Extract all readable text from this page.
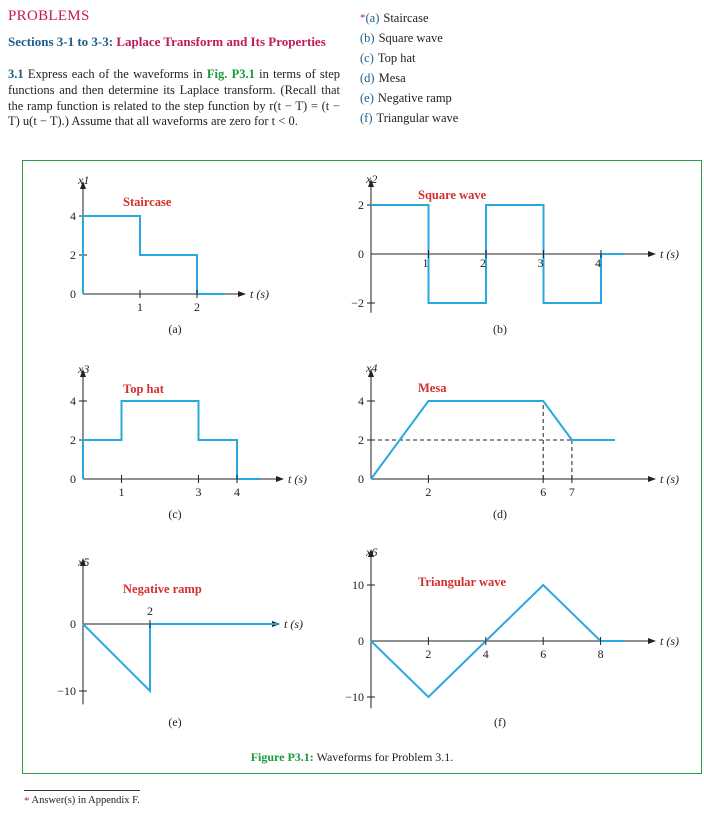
PROBLEMS
Sections 3-1 to 3-3: Laplace Transform and Its Properties
3.1 Express each of the waveforms in Fig. P3.1 in terms of step functions and then determine its Laplace transform. (Recall that the ramp function is related to the step function by r(t − T) = (t − T) u(t − T).) Assume that all waveforms are zero for t < 0.
*(a) Staircase
(b) Square wave
(c) Top hat
(d) Mesa
(e) Negative ramp
(f) Triangular wave
4
2
0
1	2
t (s)
x1
Staircase
(a)
2
0
−2
1	2	3	4
t (s)
x2
Square wave
(b)
4
2
0
1	3	4
t (s)
x3
Top hat
(c)
4
2
0
2	6 7
t (s)
x4
Mesa
(d)
0
−10
2
t (s)
x5
Negative ramp
(e)
10
0
−10
2	4	6	8
t (s)
x6
Triangular wave
(f)
Figure P3.1: Waveforms for Problem 3.1.
* Answer(s) in Appendix F.
